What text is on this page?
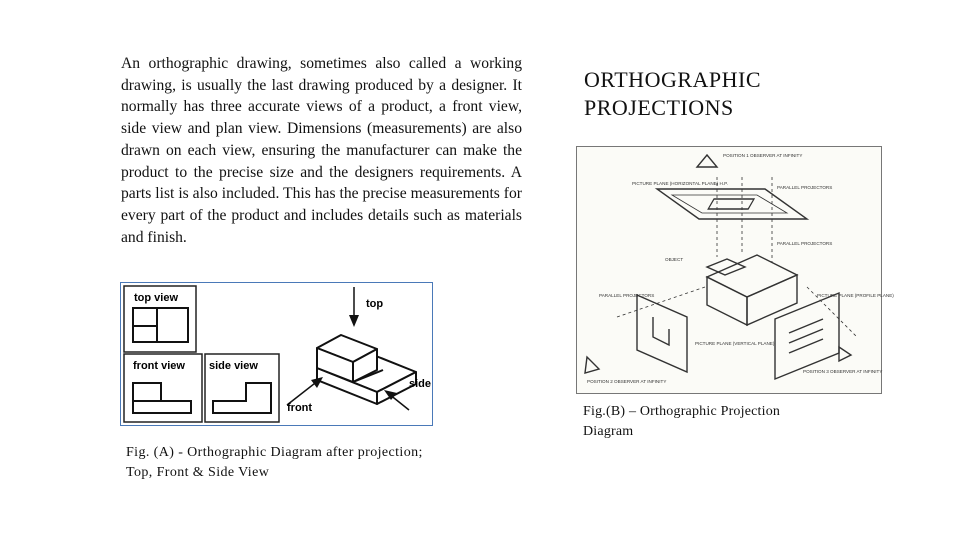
An orthographic drawing, sometimes also called a working drawing, is usually the last drawing produced by a designer. It normally has three accurate views of a product, a front view, side view and plan view. Dimensions (measurements) are also drawn on each view, ensuring the manufacturer can make the product to the precise size and the designers requirements. A parts list is also included. This has the precise measurements for every part of the product and includes details such as materials and finish.

ORTHOGRAPHIC PROJECTIONS
top view
front view side view
top
front
side
POSITION 1 OBSERVER AT INFINITY
PICTURE PLANE (HORIZONTAL PLANE) H.P.
PARALLEL PROJECTORS
PARALLEL PROJECTORS
OBJECT
PARALLEL PROJECTORS
PICTURE PLANE (VERTICAL PLANE)
PICTURE PLANE (PROFILE PLANE)
POSITION 2 OBSERVER AT INFINITY
POSITION 3 OBSERVER AT INFINITY

Fig. (A) - Orthographic Diagram after projection; Top, Front & Side View

Fig.(B) – Orthographic Projection Diagram
